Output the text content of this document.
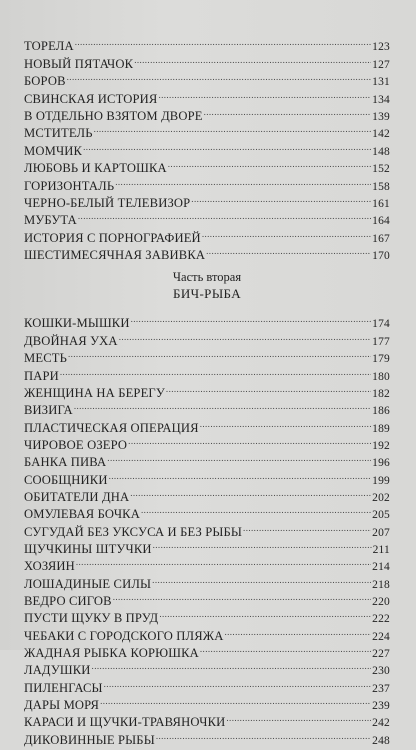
ТОРЕЛА .....	123
НОВЫЙ ПЯТАЧОК .....	127
БОРОВ .....	131
СВИНСКАЯ ИСТОРИЯ .....	134
В ОТДЕЛЬНО ВЗЯТОМ ДВОРЕ .....	139
МСТИТЕЛЬ .....	142
МОМЧИК .....	148
ЛЮБОВЬ И КАРТОШКА .....	152
ГОРИЗОНТАЛЬ .....	158
ЧЕРНО-БЕЛЫЙ ТЕЛЕВИЗОР .....	161
МУБУТА .....	164
ИСТОРИЯ С ПОРНОГРАФИЕЙ .....	167
ШЕСТИМЕСЯЧНАЯ ЗАВИВКА .....	170
Часть вторая
БИЧ-РЫБА
КОШКИ-МЫШКИ .....	174
ДВОЙНАЯ УХА .....	177
МЕСТЬ .....	179
ПАРИ .....	180
ЖЕНЩИНА НА БЕРЕГУ .....	182
ВИЗИГА .....	186
ПЛАСТИЧЕСКАЯ ОПЕРАЦИЯ .....	189
ЧИРОВОЕ ОЗЕРО .....	192
БАНКА ПИВА .....	196
СООБЩНИКИ .....	199
ОБИТАТЕЛИ ДНА .....	202
ОМУЛЕВАЯ БОЧКА .....	205
СУГУДАЙ БЕЗ УКСУСА И БЕЗ РЫБЫ .....	207
ЩУЧКИНЫ ШТУЧКИ .....	211
ХОЗЯИН .....	214
ЛОШАДИНЫЕ СИЛЫ .....	218
ВЕДРО СИГОВ .....	220
ПУСТИ ЩУКУ В ПРУД .....	222
ЧЕБАКИ С ГОРОДСКОГО ПЛЯЖА .....	224
ЖАДНАЯ РЫБКА КОРЮШКА .....	227
ЛАДУШКИ .....	230
ПИЛЕНГАСЫ .....	237
ДАРЫ МОРЯ .....	239
КАРАСИ И ЩУЧКИ-ТРАВЯНОЧКИ .....	242
ДИКОВИННЫЕ РЫБЫ .....	248
